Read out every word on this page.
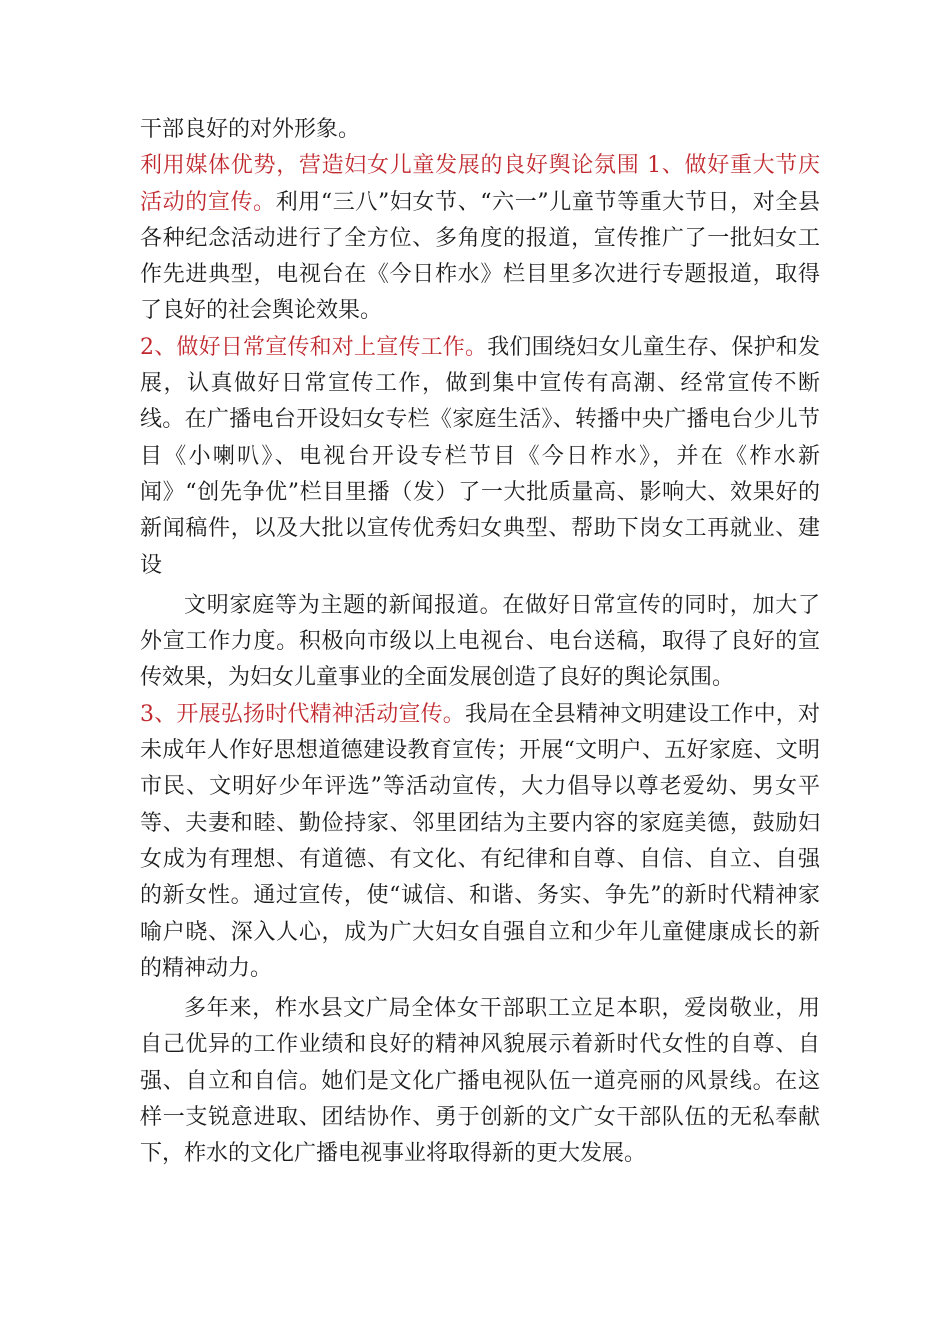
干部良好的对外形象。

利用媒体优势，营造妇女儿童发展的良好舆论氛围 1、做好重大节庆活动的宣传。利用“三八”妇女节、“六一”儿童节等重大节日，对全县各种纪念活动进行了全方位、多角度的报道，宣传推广了一批妇女工作先进典型，电视台在《今日柞水》栏目里多次进行专题报道，取得了良好的社会舆论效果。

2、做好日常宣传和对上宣传工作。我们围绕妇女儿童生存、保护和发展，认真做好日常宣传工作，做到集中宣传有高潮、经常宣传不断线。在广播电台开设妇女专栏《家庭生活》、转播中央广播电台少儿节目《小喇叭》、电视台开设专栏节目《今日柞水》，并在《柞水新闻》“创先争优”栏目里播（发）了一大批质量高、影响大、效果好的新闻稿件，以及大批以宣传优秀妇女典型、帮助下岗女工再就业、建设

文明家庭等为主题的新闻报道。在做好日常宣传的同时，加大了外宣工作力度。积极向市级以上电视台、电台送稿，取得了良好的宣传效果，为妇女儿童事业的全面发展创造了良好的舆论氛围。

3、开展弘扬时代精神活动宣传。我局在全县精神文明建设工作中，对未成年人作好思想道德建设教育宣传；开展“文明户、五好家庭、文明市民、文明好少年评选”等活动宣传，大力倡导以尊老爱幼、男女平等、夫妻和睦、勤俭持家、邻里团结为主要内容的家庭美德，鼓励妇女成为有理想、有道德、有文化、有纪律和自尊、自信、自立、自强的新女性。通过宣传，使“诚信、和谐、务实、争先”的新时代精神家喻户晓、深入人心，成为广大妇女自强自立和少年儿童健康成长的新的精神动力。

多年来，柞水县文广局全体女干部职工立足本职，爱岗敬业，用自己优异的工作业绩和良好的精神风貌展示着新时代女性的自尊、自强、自立和自信。她们是文化广播电视队伍一道亮丽的风景线。在这样一支锐意进取、团结协作、勇于创新的文广女干部队伍的无私奉献下，柞水的文化广播电视事业将取得新的更大发展。
